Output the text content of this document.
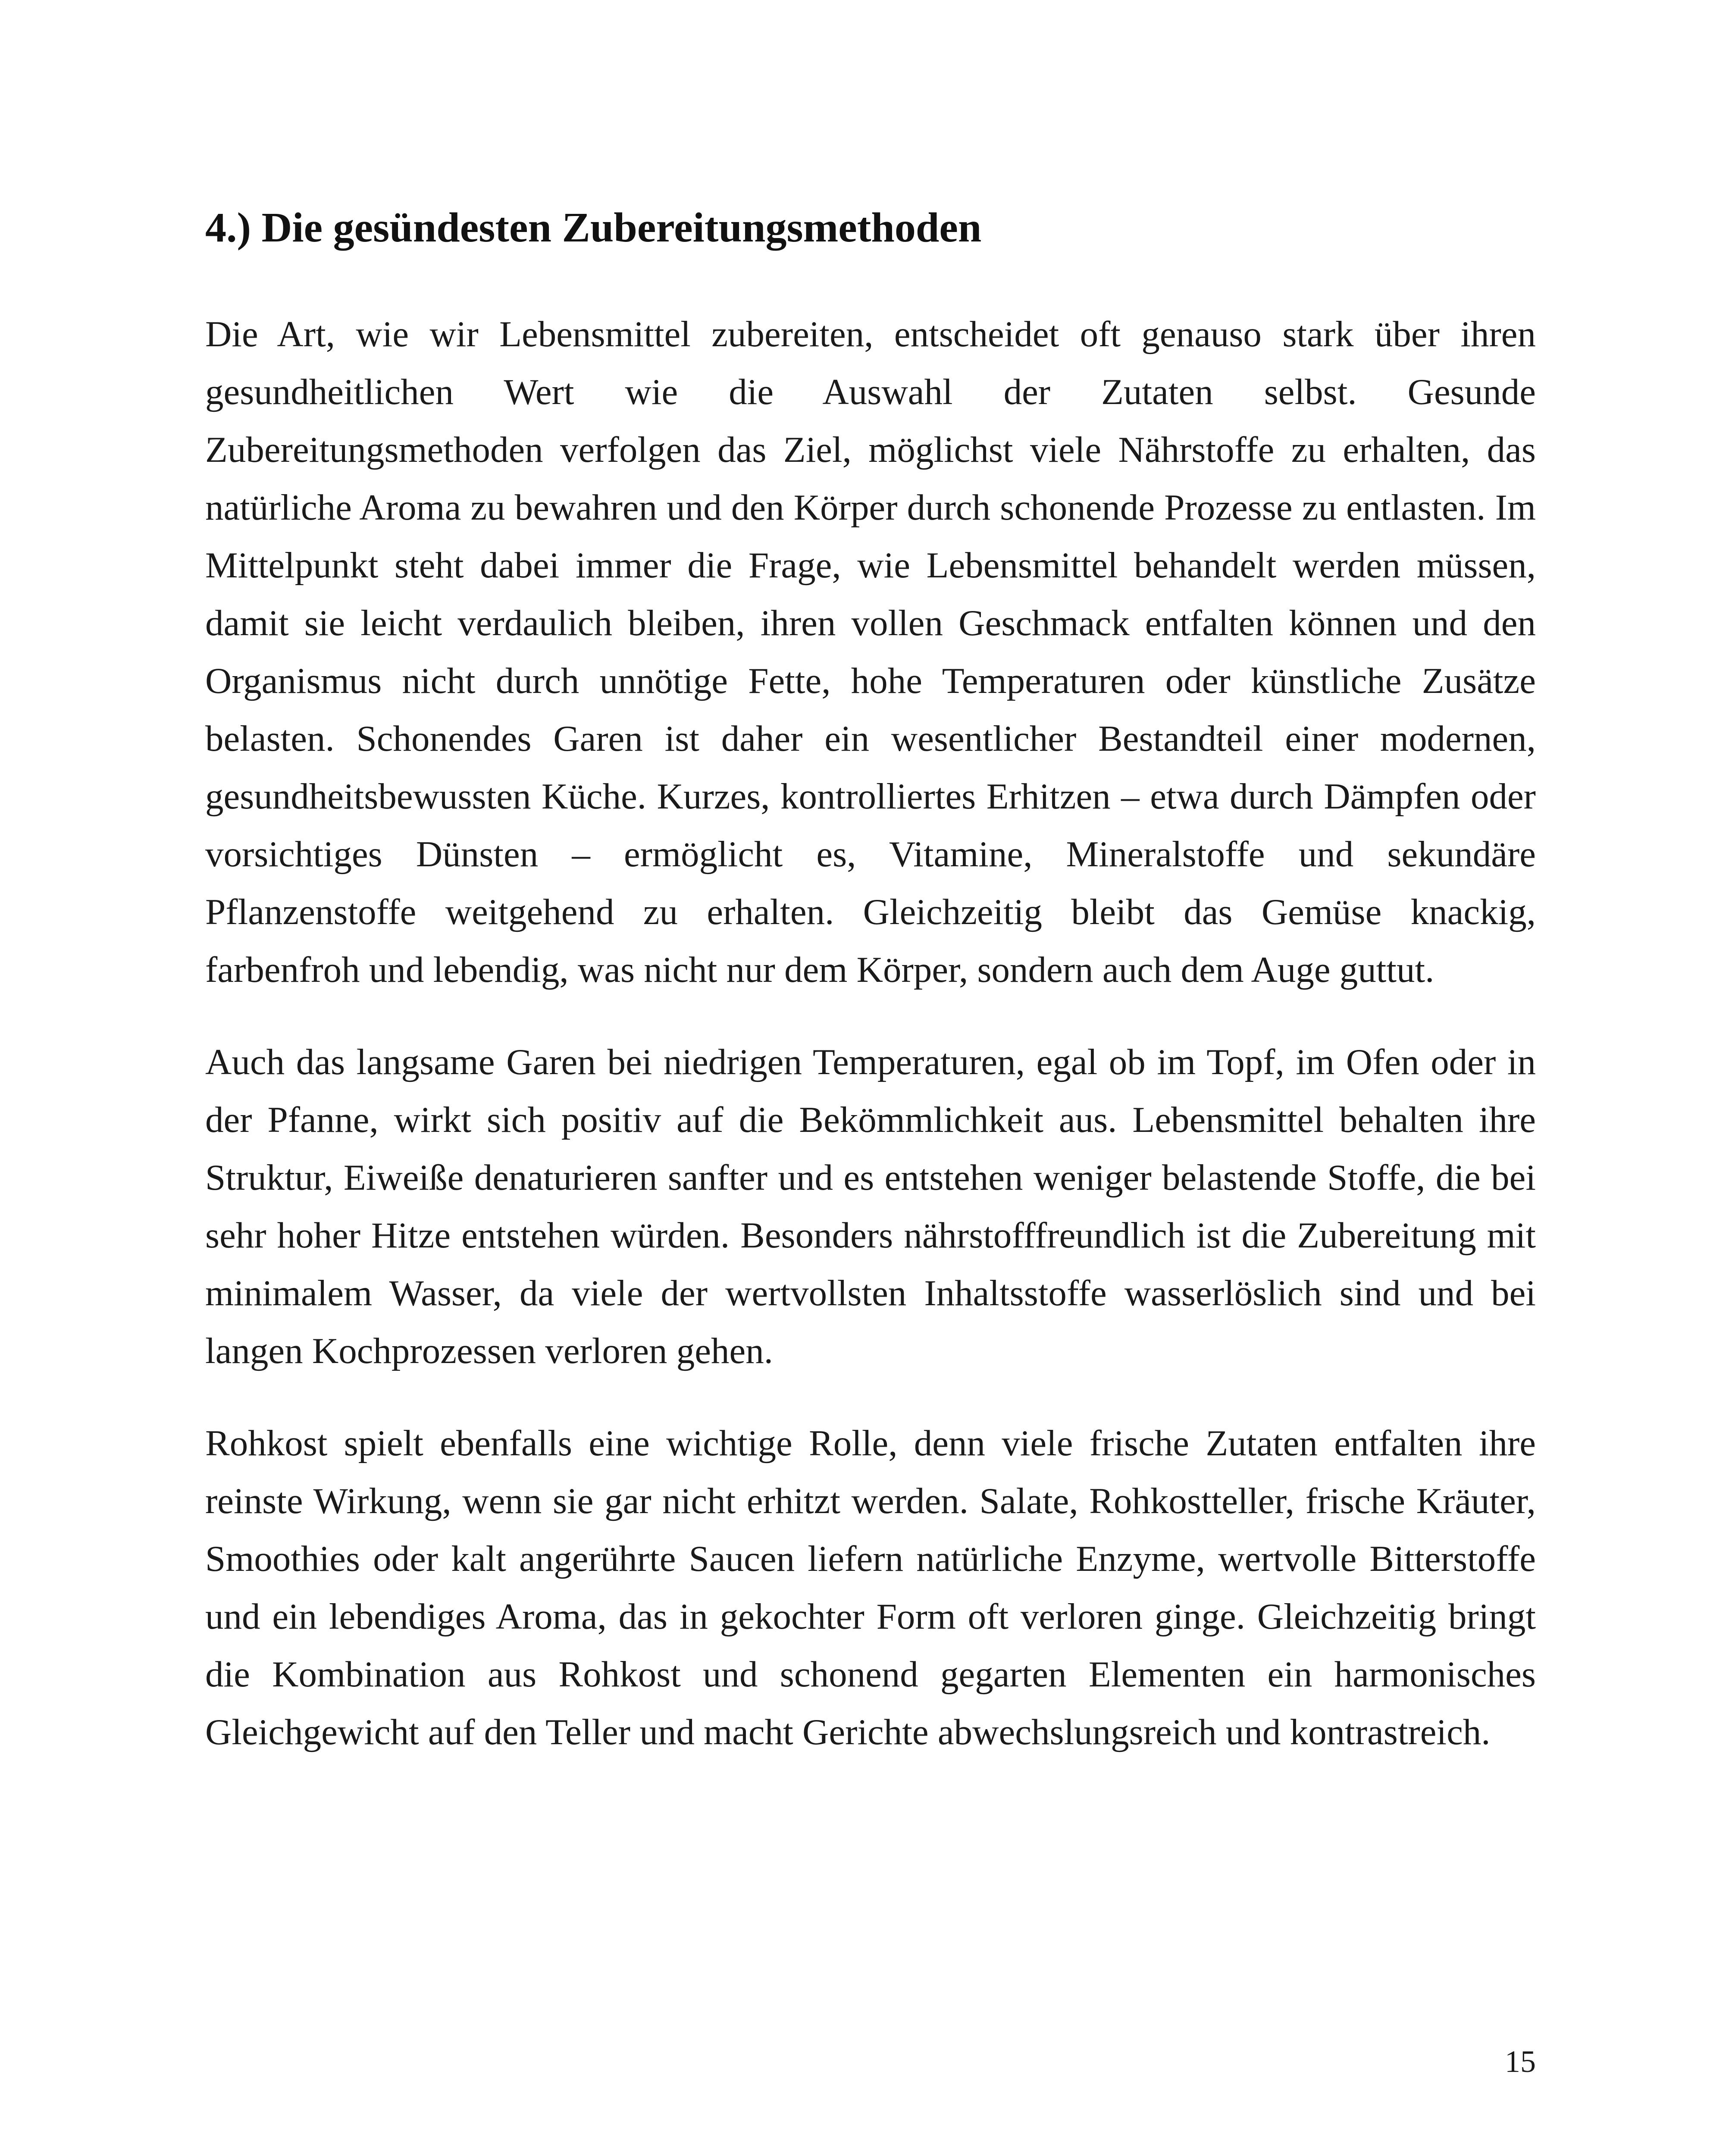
4.) Die gesündesten Zubereitungsmethoden

Die Art, wie wir Lebensmittel zubereiten, entscheidet oft genauso stark über ihren gesundheitlichen Wert wie die Auswahl der Zutaten selbst. Gesunde Zubereitungsmethoden verfolgen das Ziel, möglichst viele Nährstoffe zu erhalten, das natürliche Aroma zu bewahren und den Körper durch schonende Prozesse zu entlasten. Im Mittelpunkt steht dabei immer die Frage, wie Lebensmittel behandelt werden müssen, damit sie leicht verdaulich bleiben, ihren vollen Geschmack entfalten können und den Organismus nicht durch unnötige Fette, hohe Temperaturen oder künstliche Zusätze belasten. Schonendes Garen ist daher ein wesentlicher Bestandteil einer modernen, gesundheitsbewussten Küche. Kurzes, kontrolliertes Erhitzen – etwa durch Dämpfen oder vorsichtiges Dünsten – ermöglicht es, Vitamine, Mineralstoffe und sekundäre Pflanzenstoffe weitgehend zu erhalten. Gleichzeitig bleibt das Gemüse knackig, farbenfroh und lebendig, was nicht nur dem Körper, sondern auch dem Auge guttut.

Auch das langsame Garen bei niedrigen Temperaturen, egal ob im Topf, im Ofen oder in der Pfanne, wirkt sich positiv auf die Bekömmlichkeit aus. Lebensmittel behalten ihre Struktur, Eiweiße denaturieren sanfter und es entstehen weniger belastende Stoffe, die bei sehr hoher Hitze entstehen würden. Besonders nährstofffreundlich ist die Zubereitung mit minimalem Wasser, da viele der wertvollsten Inhaltsstoffe wasserlöslich sind und bei langen Kochprozessen verloren gehen.

Rohkost spielt ebenfalls eine wichtige Rolle, denn viele frische Zutaten entfalten ihre reinste Wirkung, wenn sie gar nicht erhitzt werden. Salate, Rohkostteller, frische Kräuter, Smoothies oder kalt angerührte Saucen liefern natürliche Enzyme, wertvolle Bitterstoffe und ein lebendiges Aroma, das in gekochter Form oft verloren ginge. Gleichzeitig bringt die Kombination aus Rohkost und schonend gegarten Elementen ein harmonisches Gleichgewicht auf den Teller und macht Gerichte abwechslungsreich und kontrastreich.

15
